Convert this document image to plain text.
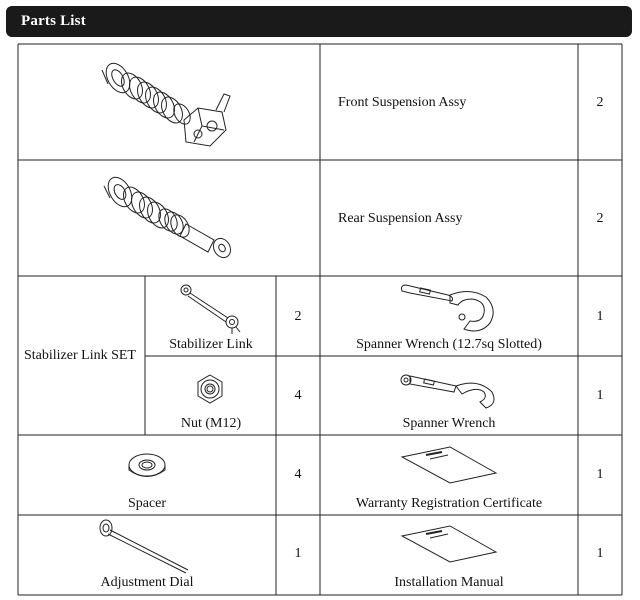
Parts List
Front Suspension Assy	2
Rear Suspension Assy	2
Stabilizer Link SET
Stabilizer Link
2
Spanner Wrench (12.7sq Slotted)
1
Nut (M12)
4
Spanner Wrench
1
Spacer
4
Warranty Registration Certificate
1
Adjustment Dial
1
Installation Manual
1
